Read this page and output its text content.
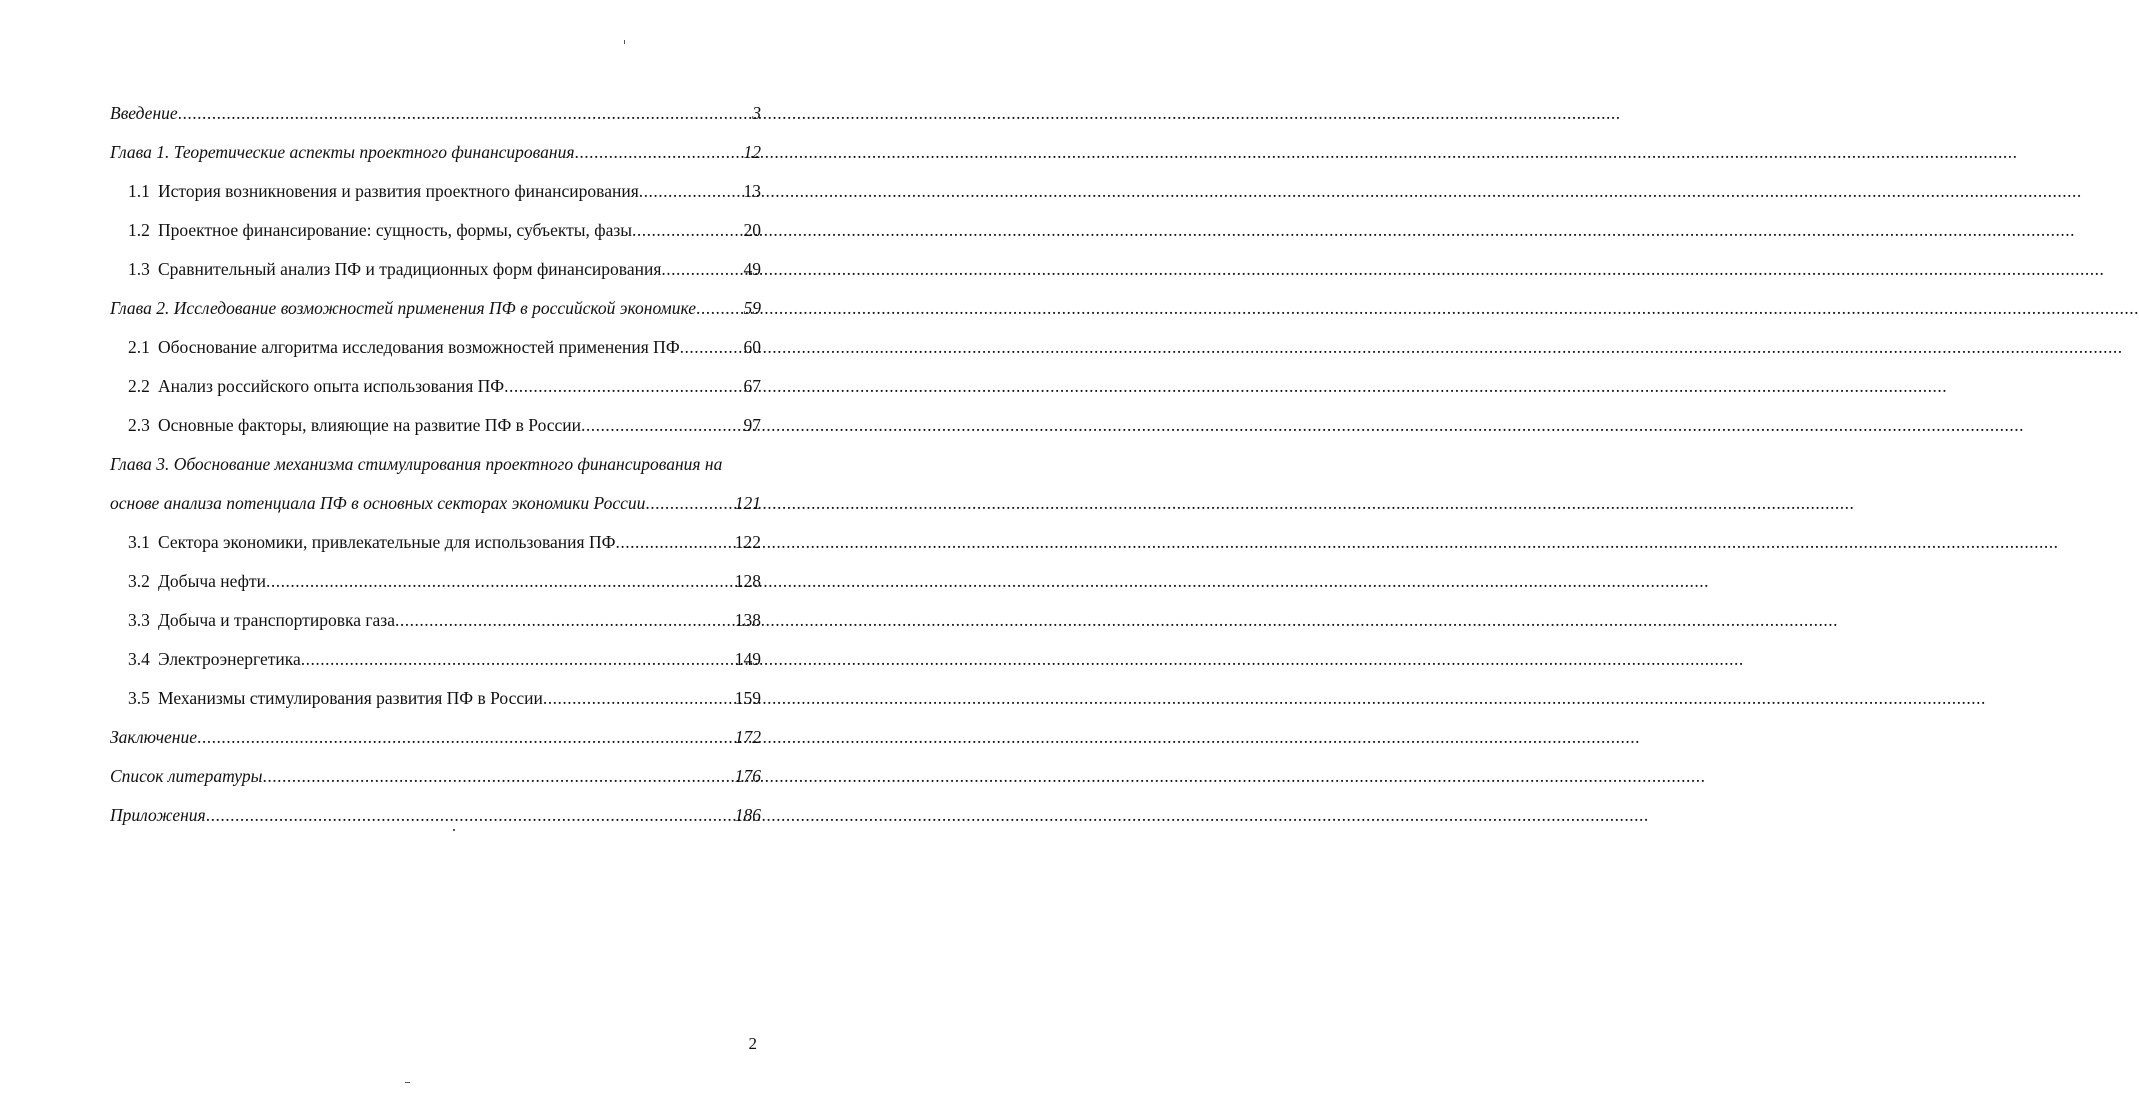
Введение .....	3
Глава 1. Теоретические аспекты проектного финансирования .....	12
1.1 История возникновения и развития проектного финансирования .....	13
1.2 Проектное финансирование: сущность, формы, субъекты, фазы .....	20
1.3 Сравнительный анализ ПФ и традиционных форм финансирования .....	49
Глава 2. Исследование возможностей применения ПФ в российской экономике .....	59
2.1 Обоснование алгоритма исследования возможностей применения ПФ .....	60
2.2 Анализ российского опыта использования ПФ .....	67
2.3 Основные факторы, влияющие на развитие ПФ в России .....	97
Глава 3. Обоснование механизма стимулирования проектного финансирования на
основе анализа потенциала ПФ в основных секторах экономики России .....	121
3.1 Сектора экономики, привлекательные для использования ПФ .....	122
3.2 Добыча нефти .....	128
3.3 Добыча и транспортировка газа .....	138
3.4 Электроэнергетика .....	149
3.5 Механизмы стимулирования развития ПФ в России .....	159
Заключение .....	172
Список литературы .....	176
Приложения .....	186
2
